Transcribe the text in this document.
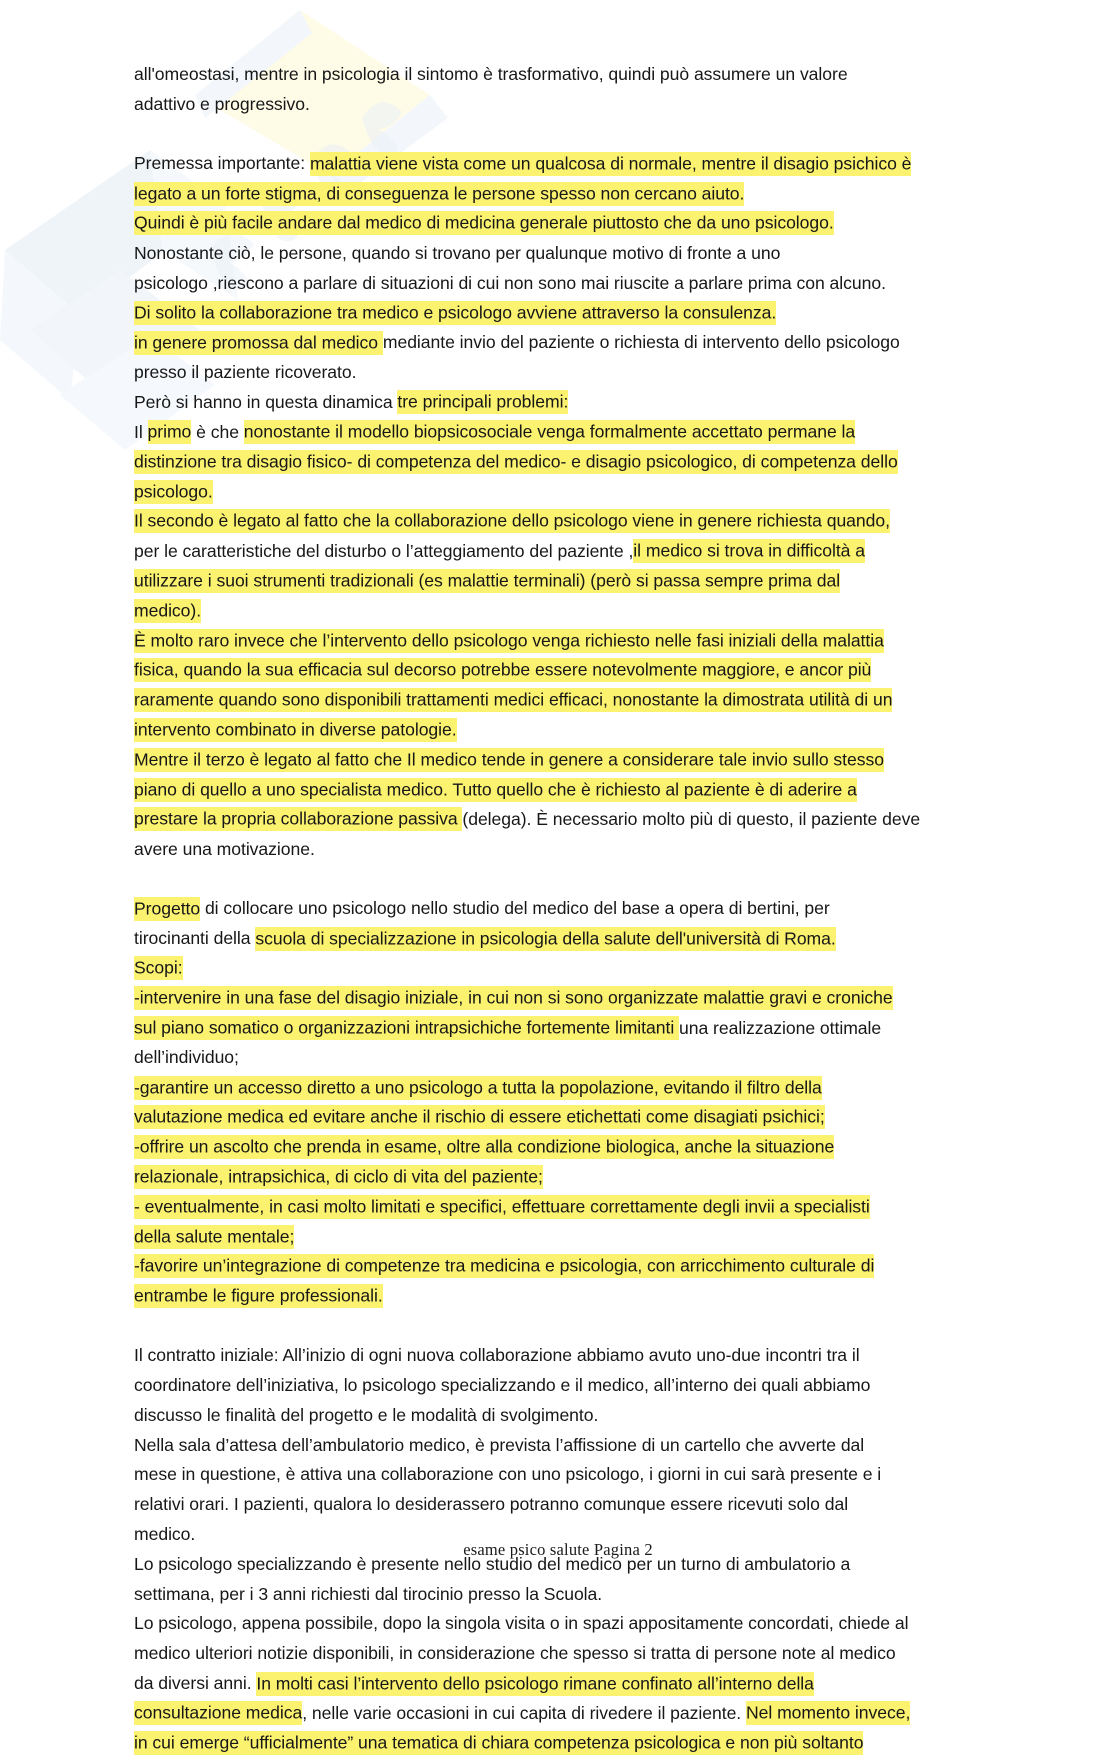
all'omeostasi, mentre in psicologia il sintomo è trasformativo, quindi può assumere un valore
adattivo e progressivo.
Premessa importante: malattia viene vista come un qualcosa di normale, mentre il disagio psichico è
legato a un forte stigma, di conseguenza le persone spesso non cercano aiuto.
Quindi è più facile andare dal medico di medicina generale piuttosto che da uno psicologo.
Nonostante ciò, le persone, quando si trovano per qualunque motivo di fronte a uno
psicologo ,riescono a parlare di situazioni di cui non sono mai riuscite a parlare prima con alcuno.
Di solito la collaborazione tra medico e psicologo avviene attraverso la consulenza.
in genere promossa dal medico mediante invio del paziente o richiesta di intervento dello psicologo
presso il paziente ricoverato.
Però si hanno in questa dinamica tre principali problemi:
Il primo è che nonostante il modello biopsicosociale venga formalmente accettato permane la
distinzione tra disagio fisico- di competenza del medico- e disagio psicologico, di competenza dello
psicologo.
Il secondo è legato al fatto che la collaborazione dello psicologo viene in genere richiesta quando,
per le caratteristiche del disturbo o l’atteggiamento del paziente ,il medico si trova in difficoltà a
utilizzare i suoi strumenti tradizionali (es malattie terminali) (però si passa sempre prima dal
medico).
È molto raro invece che l’intervento dello psicologo venga richiesto nelle fasi iniziali della malattia
fisica, quando la sua efficacia sul decorso potrebbe essere notevolmente maggiore, e ancor più
raramente quando sono disponibili trattamenti medici efficaci, nonostante la dimostrata utilità di un
intervento combinato in diverse patologie.
Mentre il terzo è legato al fatto che Il medico tende in genere a considerare tale invio sullo stesso
piano di quello a uno specialista medico. Tutto quello che è richiesto al paziente è di aderire a
prestare la propria collaborazione passiva (delega). È necessario molto più di questo, il paziente deve
avere una motivazione.
Progetto di collocare uno psicologo nello studio del medico del base a opera di bertini, per
tirocinanti della scuola di specializzazione in psicologia della salute dell'università di Roma.
Scopi:
-intervenire in una fase del disagio iniziale, in cui non si sono organizzate malattie gravi e croniche
sul piano somatico o organizzazioni intrapsichiche fortemente limitanti una realizzazione ottimale
dell’individuo;
-garantire un accesso diretto a uno psicologo a tutta la popolazione, evitando il filtro della
valutazione medica ed evitare anche il rischio di essere etichettati come disagiati psichici;
-offrire un ascolto che prenda in esame, oltre alla condizione biologica, anche la situazione
relazionale, intrapsichica, di ciclo di vita del paziente;
- eventualmente, in casi molto limitati e specifici, effettuare correttamente degli invii a specialisti
della salute mentale;
-favorire un’integrazione di competenze tra medicina e psicologia, con arricchimento culturale di
entrambe le figure professionali.
Il contratto iniziale: All’inizio di ogni nuova collaborazione abbiamo avuto uno-due incontri tra il
coordinatore dell’iniziativa, lo psicologo specializzando e il medico, all’interno dei quali abbiamo
discusso le finalità del progetto e le modalità di svolgimento.
Nella sala d’attesa dell’ambulatorio medico, è prevista l’affissione di un cartello che avverte dal
mese in questione, è attiva una collaborazione con uno psicologo, i giorni in cui sarà presente e i
relativi orari. I pazienti, qualora lo desiderassero potranno comunque essere ricevuti solo dal
medico.
Lo psicologo specializzando è presente nello studio del medico per un turno di ambulatorio a
settimana, per i 3 anni richiesti dal tirocinio presso la Scuola.
Lo psicologo, appena possibile, dopo la singola visita o in spazi appositamente concordati, chiede al
medico ulteriori notizie disponibili, in considerazione che spesso si tratta di persone note al medico
da diversi anni. In molti casi l’intervento dello psicologo rimane confinato all’interno della
consultazione medica, nelle varie occasioni in cui capita di rivedere il paziente. Nel momento invece,
in cui emerge “ufficialmente” una tematica di chiara competenza psicologica e non più soltanto
esame psico salute Pagina 2
